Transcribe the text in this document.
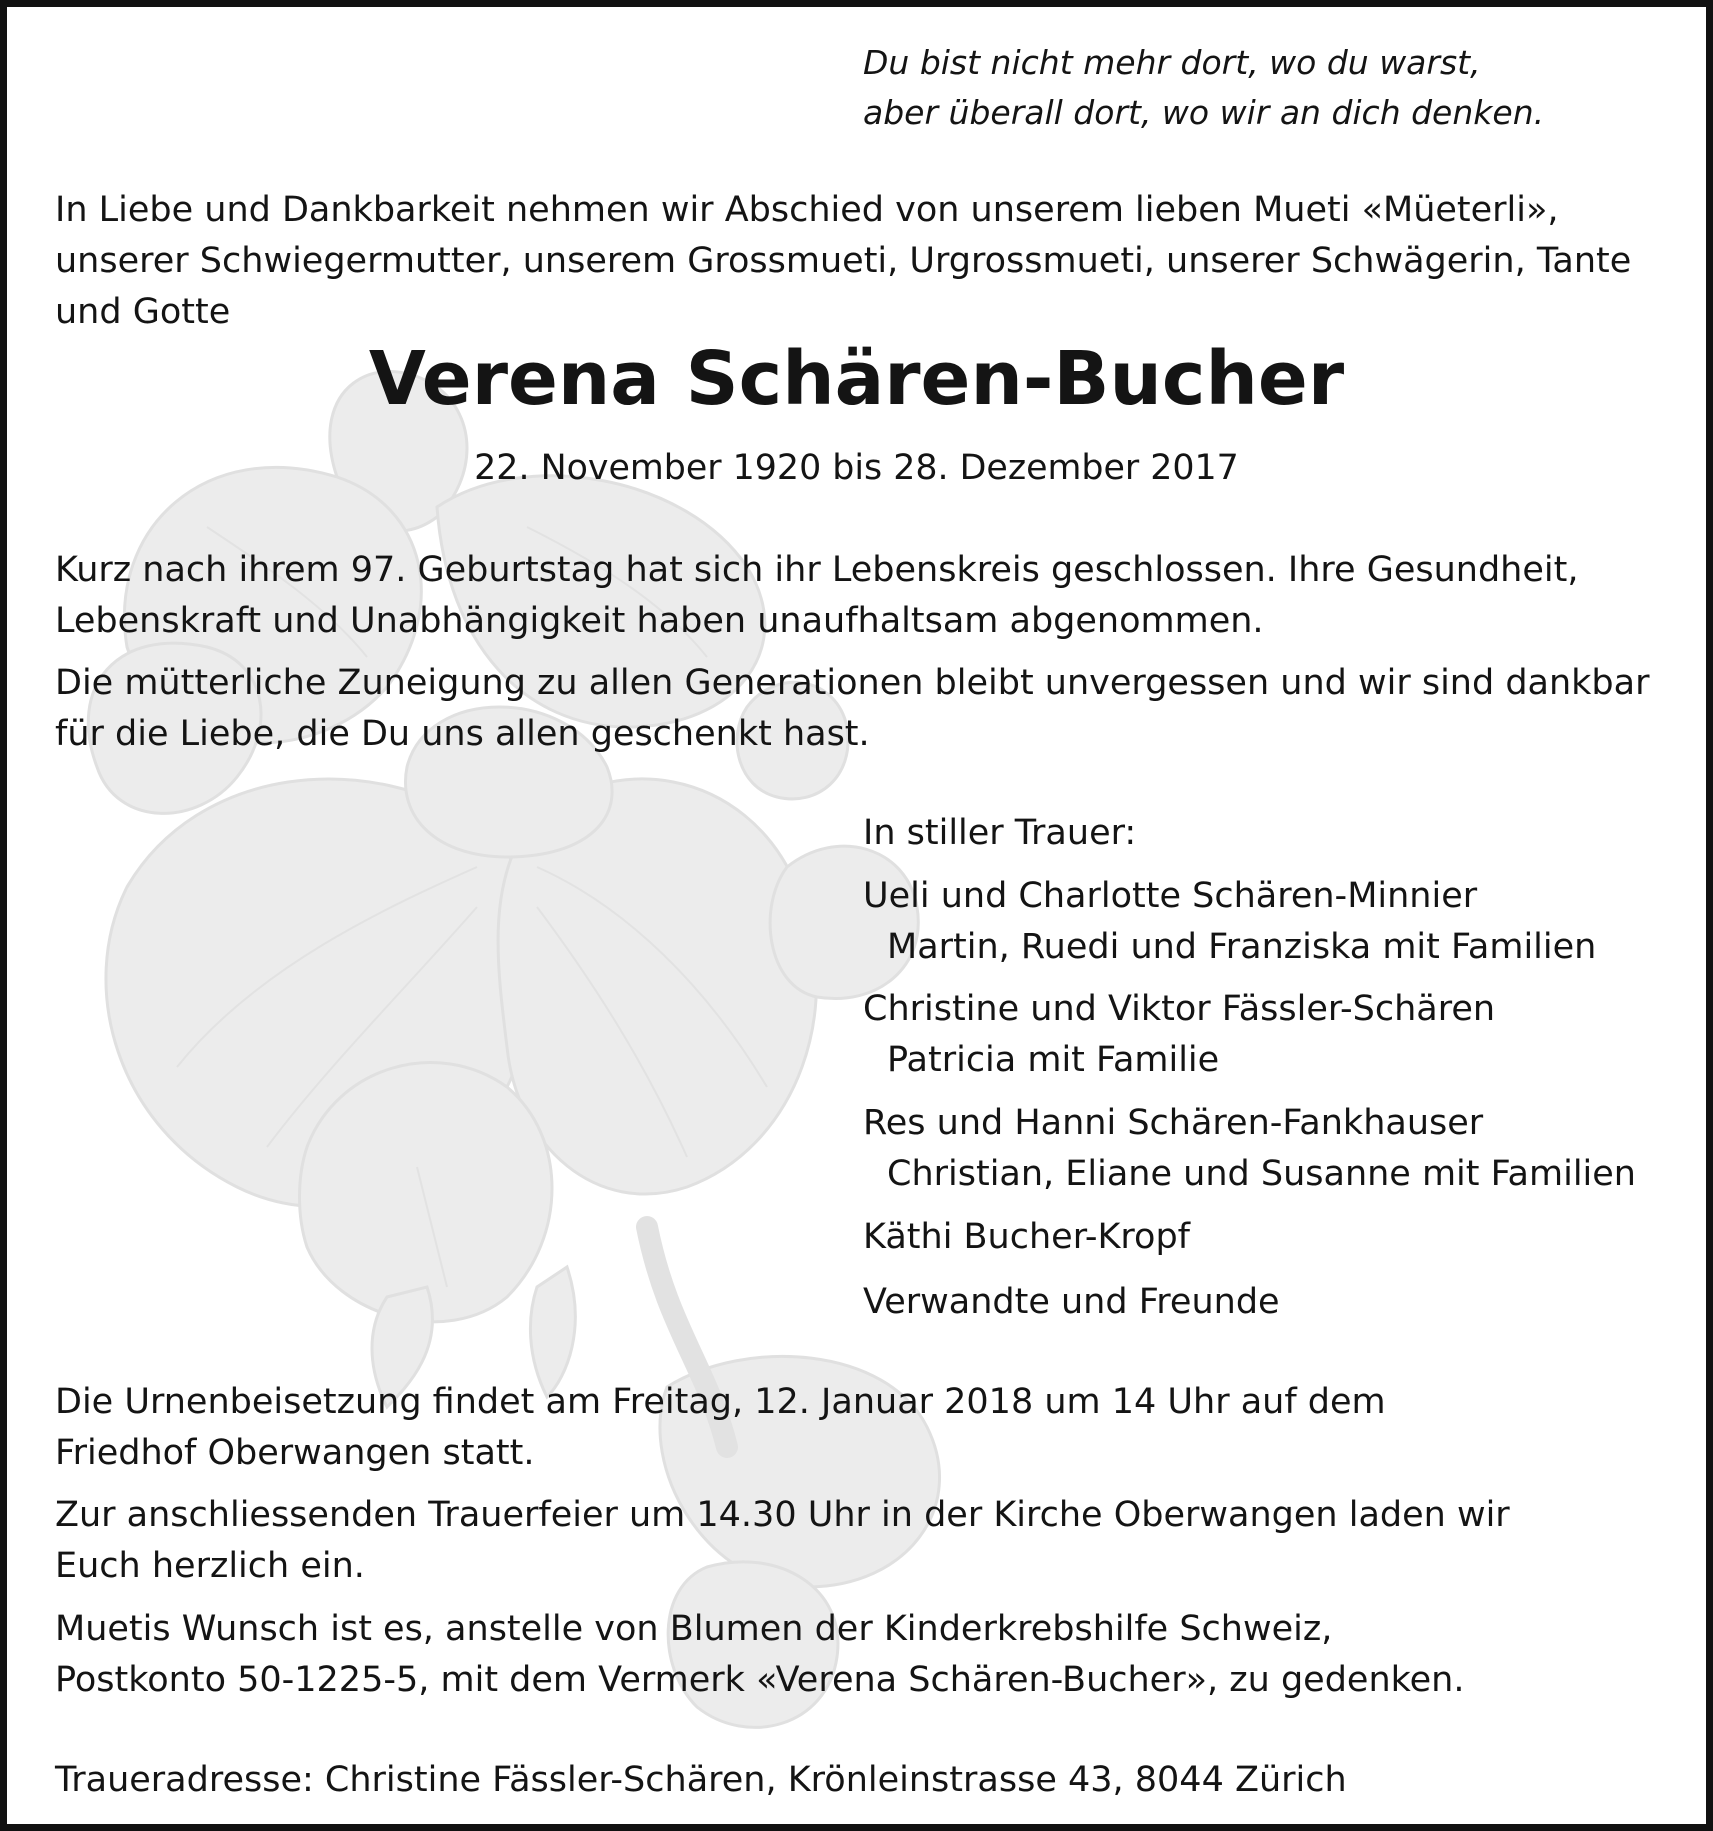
Du bist nicht mehr dort, wo du warst,

aber überall dort, wo wir an dich denken.

In Liebe und Dankbarkeit nehmen wir Abschied von unserem lieben Mueti «Müeterli»,

unserer Schwiegermutter, unserem Grossmueti, Urgrossmueti, unserer Schwägerin, Tante

und Gotte

Verena Schären-Bucher

22. November 1920 bis 28. Dezember 2017

Kurz nach ihrem 97. Geburtstag hat sich ihr Lebenskreis geschlossen. Ihre Gesundheit,

Lebenskraft und Unabhängigkeit haben unaufhaltsam abgenommen.

Die mütterliche Zuneigung zu allen Generationen bleibt unvergessen und wir sind dankbar

für die Liebe, die Du uns allen geschenkt hast.

In stiller Trauer:

Ueli und Charlotte Schären-Minnier

Martin, Ruedi und Franziska mit Familien

Christine und Viktor Fässler-Schären

Patricia mit Familie

Res und Hanni Schären-Fankhauser

Christian, Eliane und Susanne mit Familien

Käthi Bucher-Kropf

Verwandte und Freunde

Die Urnenbeisetzung findet am Freitag, 12. Januar 2018 um 14 Uhr auf dem

Friedhof Oberwangen statt.

Zur anschliessenden Trauerfeier um 14.30 Uhr in der Kirche Oberwangen laden wir

Euch herzlich ein.

Muetis Wunsch ist es, anstelle von Blumen der Kinderkrebshilfe Schweiz,

Postkonto 50-1225-5, mit dem Vermerk «Verena Schären-Bucher», zu gedenken.

Traueradresse: Christine Fässler-Schären, Krönleinstrasse 43, 8044 Zürich
